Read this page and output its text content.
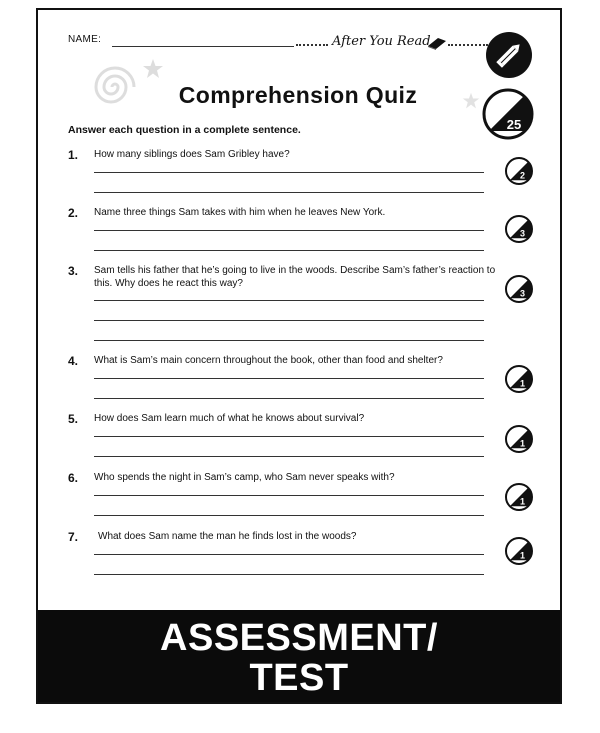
NAME:	After You Read
25
Comprehension Quiz
Answer each question in a complete sentence.
1. How many siblings does Sam Gribley have?
2
2. Name three things Sam takes with him when he leaves New York.
3
3. Sam tells his father that he’s going to live in the woods. Describe Sam’s father’s reaction to this. Why does he react this way?
3
4. What is Sam’s main concern throughout the book, other than food and shelter?
1
5. How does Sam learn much of what he knows about survival?
1
6. Who spends the night in Sam’s camp, who Sam never speaks with?
1
7. What does Sam name the man he finds lost in the woods?
1
ASSESSMENT/
TEST
